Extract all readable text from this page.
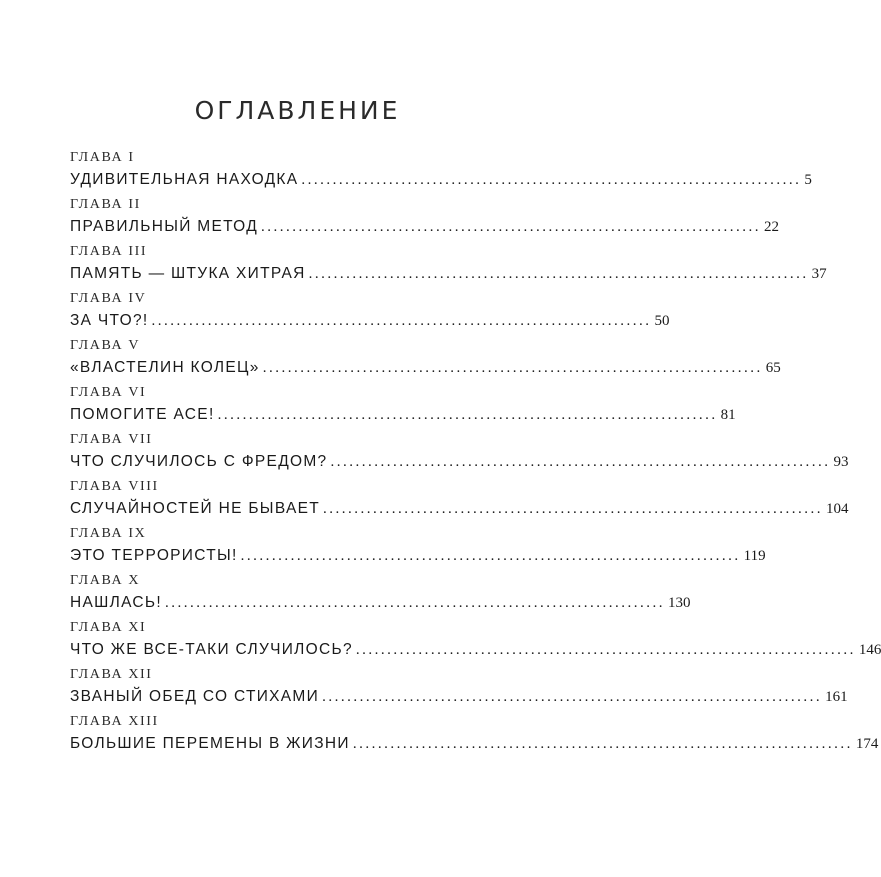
ОГЛАВЛЕНИЕ
ГЛАВА I
УДИВИТЕЛЬНАЯ НАХОДКА ................................................................................ 5
ГЛАВА II
ПРАВИЛЬНЫЙ МЕТОД ................................................................................ 22
ГЛАВА III
ПАМЯТЬ — ШТУКА ХИТРАЯ ................................................................................ 37
ГЛАВА IV
ЗА ЧТО?! ................................................................................ 50
ГЛАВА V
«ВЛАСТЕЛИН КОЛЕЦ» ................................................................................ 65
ГЛАВА VI
ПОМОГИТЕ АСЕ! ................................................................................ 81
ГЛАВА VII
ЧТО СЛУЧИЛОСЬ С ФРЕДОМ? ................................................................................ 93
ГЛАВА VIII
СЛУЧАЙНОСТЕЙ НЕ БЫВАЕТ ................................................................................ 104
ГЛАВА IX
ЭТО ТЕРРОРИСТЫ! ................................................................................ 119
ГЛАВА X
НАШЛАСЬ! ................................................................................ 130
ГЛАВА XI
ЧТО ЖЕ ВСЕ-ТАКИ СЛУЧИЛОСЬ? ................................................................................ 146
ГЛАВА XII
ЗВАНЫЙ ОБЕД СО СТИХАМИ ................................................................................ 161
ГЛАВА XIII
БОЛЬШИЕ ПЕРЕМЕНЫ В ЖИЗНИ ................................................................................ 174
